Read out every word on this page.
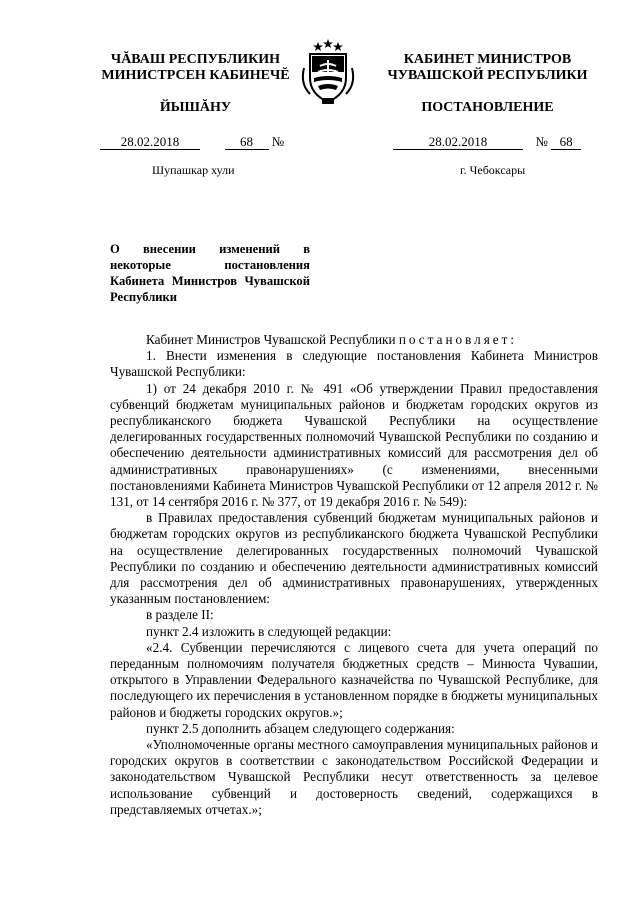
ЧĂВАШ РЕСПУБЛИКИН
МИНИСТРСЕН КАБИНЕЧĔ
ЙЫШĂНУ
КАБИНЕТ МИНИСТРОВ
ЧУВАШСКОЙ РЕСПУБЛИКИ
ПОСТАНОВЛЕНИЕ
28.02.2018	68 №	28.02.2018	№ 68
Шупашкар хули	г. Чебоксары
О внесении изменений в некоторые постановления Кабинета Министров Чувашской Республики

Кабинет Министров Чувашской Республики постановляет:

1. Внести изменения в следующие постановления Кабинета Министров Чувашской Республики:

1) от 24 декабря 2010 г. № 491 «Об утверждении Правил предоставления субвенций бюджетам муниципальных районов и бюджетам городских округов из республиканского бюджета Чувашской Республики на осуществление делегированных государственных полномочий Чувашской Республики по созданию и обеспечению деятельности административных комиссий для рассмотрения дел об административных правонарушениях» (с изменениями, внесенными постановлениями Кабинета Министров Чувашской Республики от 12 апреля 2012 г. № 131, от 14 сентября 2016 г. № 377, от 19 декабря 2016 г. № 549):

в Правилах предоставления субвенций бюджетам муниципальных районов и бюджетам городских округов из республиканского бюджета Чувашской Республики на осуществление делегированных государственных полномочий Чувашской Республики по созданию и обеспечению деятельности административных комиссий для рассмотрения дел об административных правонарушениях, утвержденных указанным постановлением:

в разделе II:

пункт 2.4 изложить в следующей редакции:

«2.4. Субвенции перечисляются с лицевого счета для учета операций по переданным полномочиям получателя бюджетных средств – Минюста Чувашии, открытого в Управлении Федерального казначейства по Чувашской Республике, для последующего их перечисления в установленном порядке в бюджеты муниципальных районов и бюджеты городских округов.»;

пункт 2.5 дополнить абзацем следующего содержания:

«Уполномоченные органы местного самоуправления муниципальных районов и городских округов в соответствии с законодательством Российской Федерации и законодательством Чувашской Республики несут ответственность за целевое использование субвенций и достоверность сведений, содержащихся в представляемых отчетах.»;
